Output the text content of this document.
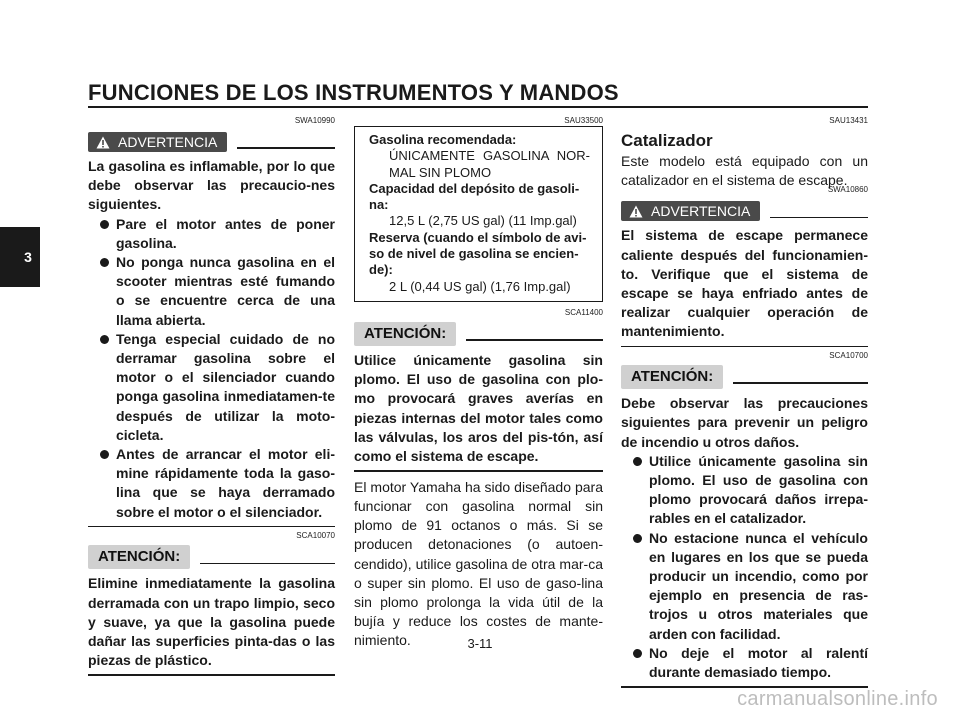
FUNCIONES DE LOS INSTRUMENTOS Y MANDOS
3
SWA10990
ADVERTENCIA
La gasolina es inflamable, por lo que debe observar las precaucio-nes siguientes.
Pare el motor antes de poner gasolina.
No ponga nunca gasolina en el scooter mientras esté fumando o se encuentre cerca de una llama abierta.
Tenga especial cuidado de no derramar gasolina sobre el motor o el silenciador cuando ponga gasolina inmediatamen-te después de utilizar la moto-cicleta.
Antes de arrancar el motor eli-mine rápidamente toda la gaso-lina que se haya derramado sobre el motor o el silenciador.
SCA10070
ATENCIÓN:
Elimine inmediatamente la gasolina derramada con un trapo limpio, seco y suave, ya que la gasolina puede dañar las superficies pinta-das o las piezas de plástico.
SAU33500
Gasolina recomendada:
ÚNICAMENTE GASOLINA NOR-MAL SIN PLOMO
Capacidad del depósito de gasoli-na:
12,5 L (2,75 US gal) (11 Imp.gal)
Reserva (cuando el símbolo de avi-so de nivel de gasolina se encien-de):
2 L (0,44 US gal) (1,76 Imp.gal)
SCA11400
ATENCIÓN:
Utilice únicamente gasolina sin plomo. El uso de gasolina con plo-mo provocará graves averías en piezas internas del motor tales como las válvulas, los aros del pis-tón, así como el sistema de escape.
El motor Yamaha ha sido diseñado para funcionar con gasolina normal sin plomo de 91 octanos o más. Si se producen detonaciones (o autoen-cendido), utilice gasolina de otra mar-ca o super sin plomo. El uso de gaso-lina sin plomo prolonga la vida útil de la bujía y reduce los costes de mante-nimiento.
SAU13431
Catalizador
Este modelo está equipado con un catalizador en el sistema de escape.
SWA10860
ADVERTENCIA
El sistema de escape permanece caliente después del funcionamien-to. Verifique que el sistema de escape se haya enfriado antes de realizar cualquier operación de mantenimiento.
SCA10700
ATENCIÓN:
Debe observar las precauciones siguientes para prevenir un peligro de incendio u otros daños.
Utilice únicamente gasolina sin plomo. El uso de gasolina con plomo provocará daños irrepa-rables en el catalizador.
No estacione nunca el vehículo en lugares en los que se pueda producir un incendio, como por ejemplo en presencia de ras-trojos u otros materiales que arden con facilidad.
No deje el motor al ralentí durante demasiado tiempo.
3-11
carmanualsonline.info
